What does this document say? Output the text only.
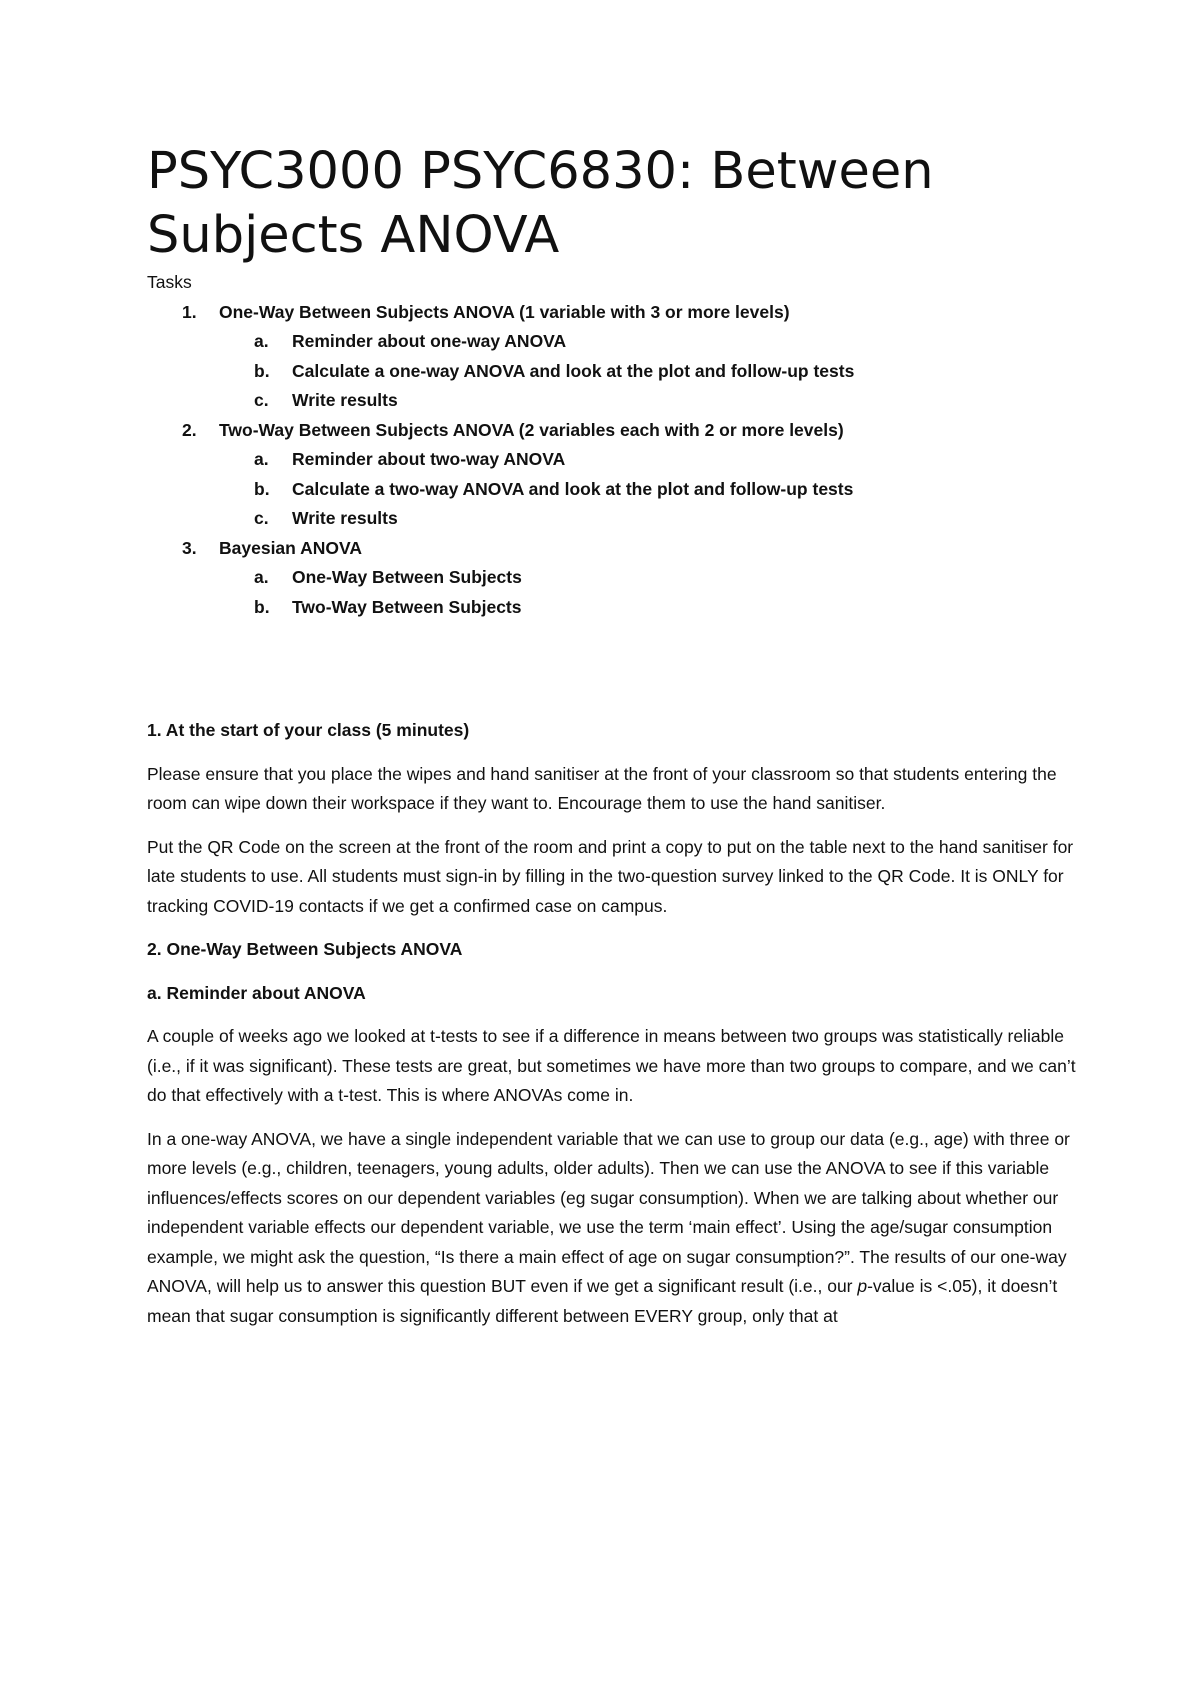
PSYC3000 PSYC6830: Between Subjects ANOVA

Tasks

1. One-Way Between Subjects ANOVA (1 variable with 3 or more levels)
a. Reminder about one-way ANOVA
b. Calculate a one-way ANOVA and look at the plot and follow-up tests
c. Write results
2. Two-Way Between Subjects ANOVA (2 variables each with 2 or more levels)
a. Reminder about two-way ANOVA
b. Calculate a two-way ANOVA and look at the plot and follow-up tests
c. Write results
3. Bayesian ANOVA
a. One-Way Between Subjects
b. Two-Way Between Subjects

1. At the start of your class (5 minutes)

Please ensure that you place the wipes and hand sanitiser at the front of your classroom so that students entering the room can wipe down their workspace if they want to. Encourage them to use the hand sanitiser.

Put the QR Code on the screen at the front of the room and print a copy to put on the table next to the hand sanitiser for late students to use. All students must sign-in by filling in the two-question survey linked to the QR Code. It is ONLY for tracking COVID-19 contacts if we get a confirmed case on campus.

2. One-Way Between Subjects ANOVA

a. Reminder about ANOVA

A couple of weeks ago we looked at t-tests to see if a difference in means between two groups was statistically reliable (i.e., if it was significant). These tests are great, but sometimes we have more than two groups to compare, and we can’t do that effectively with a t-test. This is where ANOVAs come in.

In a one-way ANOVA, we have a single independent variable that we can use to group our data (e.g., age) with three or more levels (e.g., children, teenagers, young adults, older adults). Then we can use the ANOVA to see if this variable influences/effects scores on our dependent variables (eg sugar consumption). When we are talking about whether our independent variable effects our dependent variable, we use the term ‘main effect’. Using the age/sugar consumption example, we might ask the question, “Is there a main effect of age on sugar consumption?”. The results of our one-way ANOVA, will help us to answer this question BUT even if we get a significant result (i.e., our p-value is <.05), it doesn’t mean that sugar consumption is significantly different between EVERY group, only that at
